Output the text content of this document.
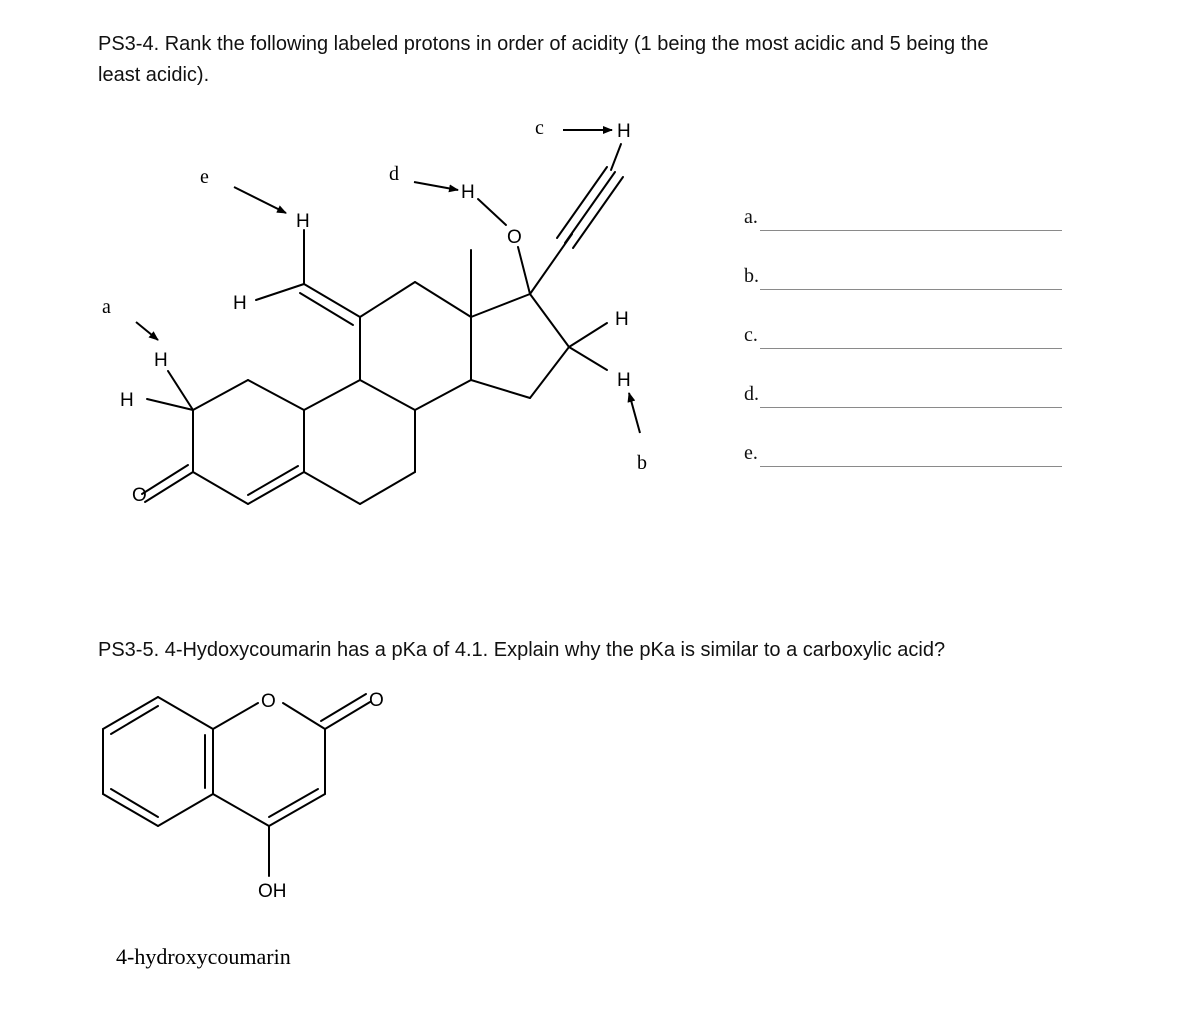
PS3-4. Rank the following labeled protons in order of acidity (1 being the most acidic and 5 being the
least acidic).
a.
b.
c.
d.
e.
PS3-5. 4-Hydoxycoumarin has a pKa of 4.1. Explain why the pKa is similar to a carboxylic acid?
O
H
H
H
H
H
O
H
H
H
a
b
c
d
e
O	O
OH
4-hydroxycoumarin
